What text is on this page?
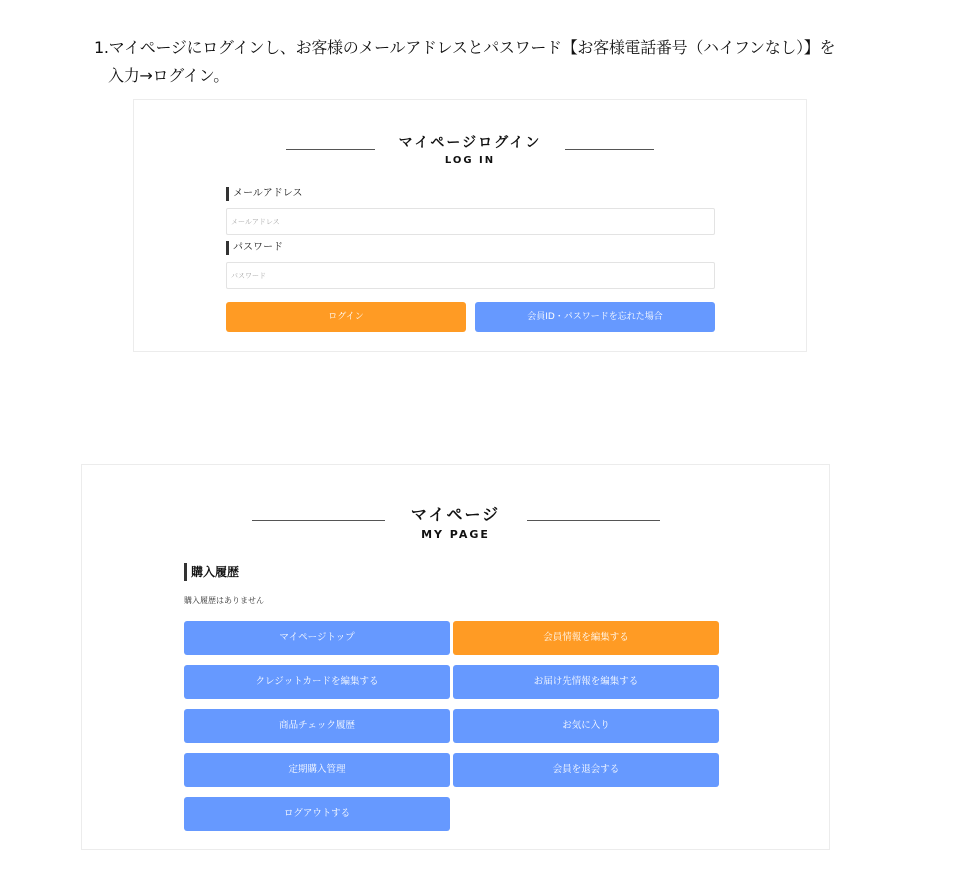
1.マイページにログインし、お客様のメールアドレスとパスワード【お客様電話番号（ハイフンなし）】を
入力→ログイン。
マイページログイン
LOG IN
メールアドレス
メールアドレス
パスワード
ログイン	会員ID・パスワードを忘れた場合
マイページ
MY PAGE
購入履歴
購入履歴はありません
マイページトップ	会員情報を編集する
クレジットカードを編集する	お届け先情報を編集する
商品チェック履歴	お気に入り
定期購入管理	会員を退会する
ログアウトする
